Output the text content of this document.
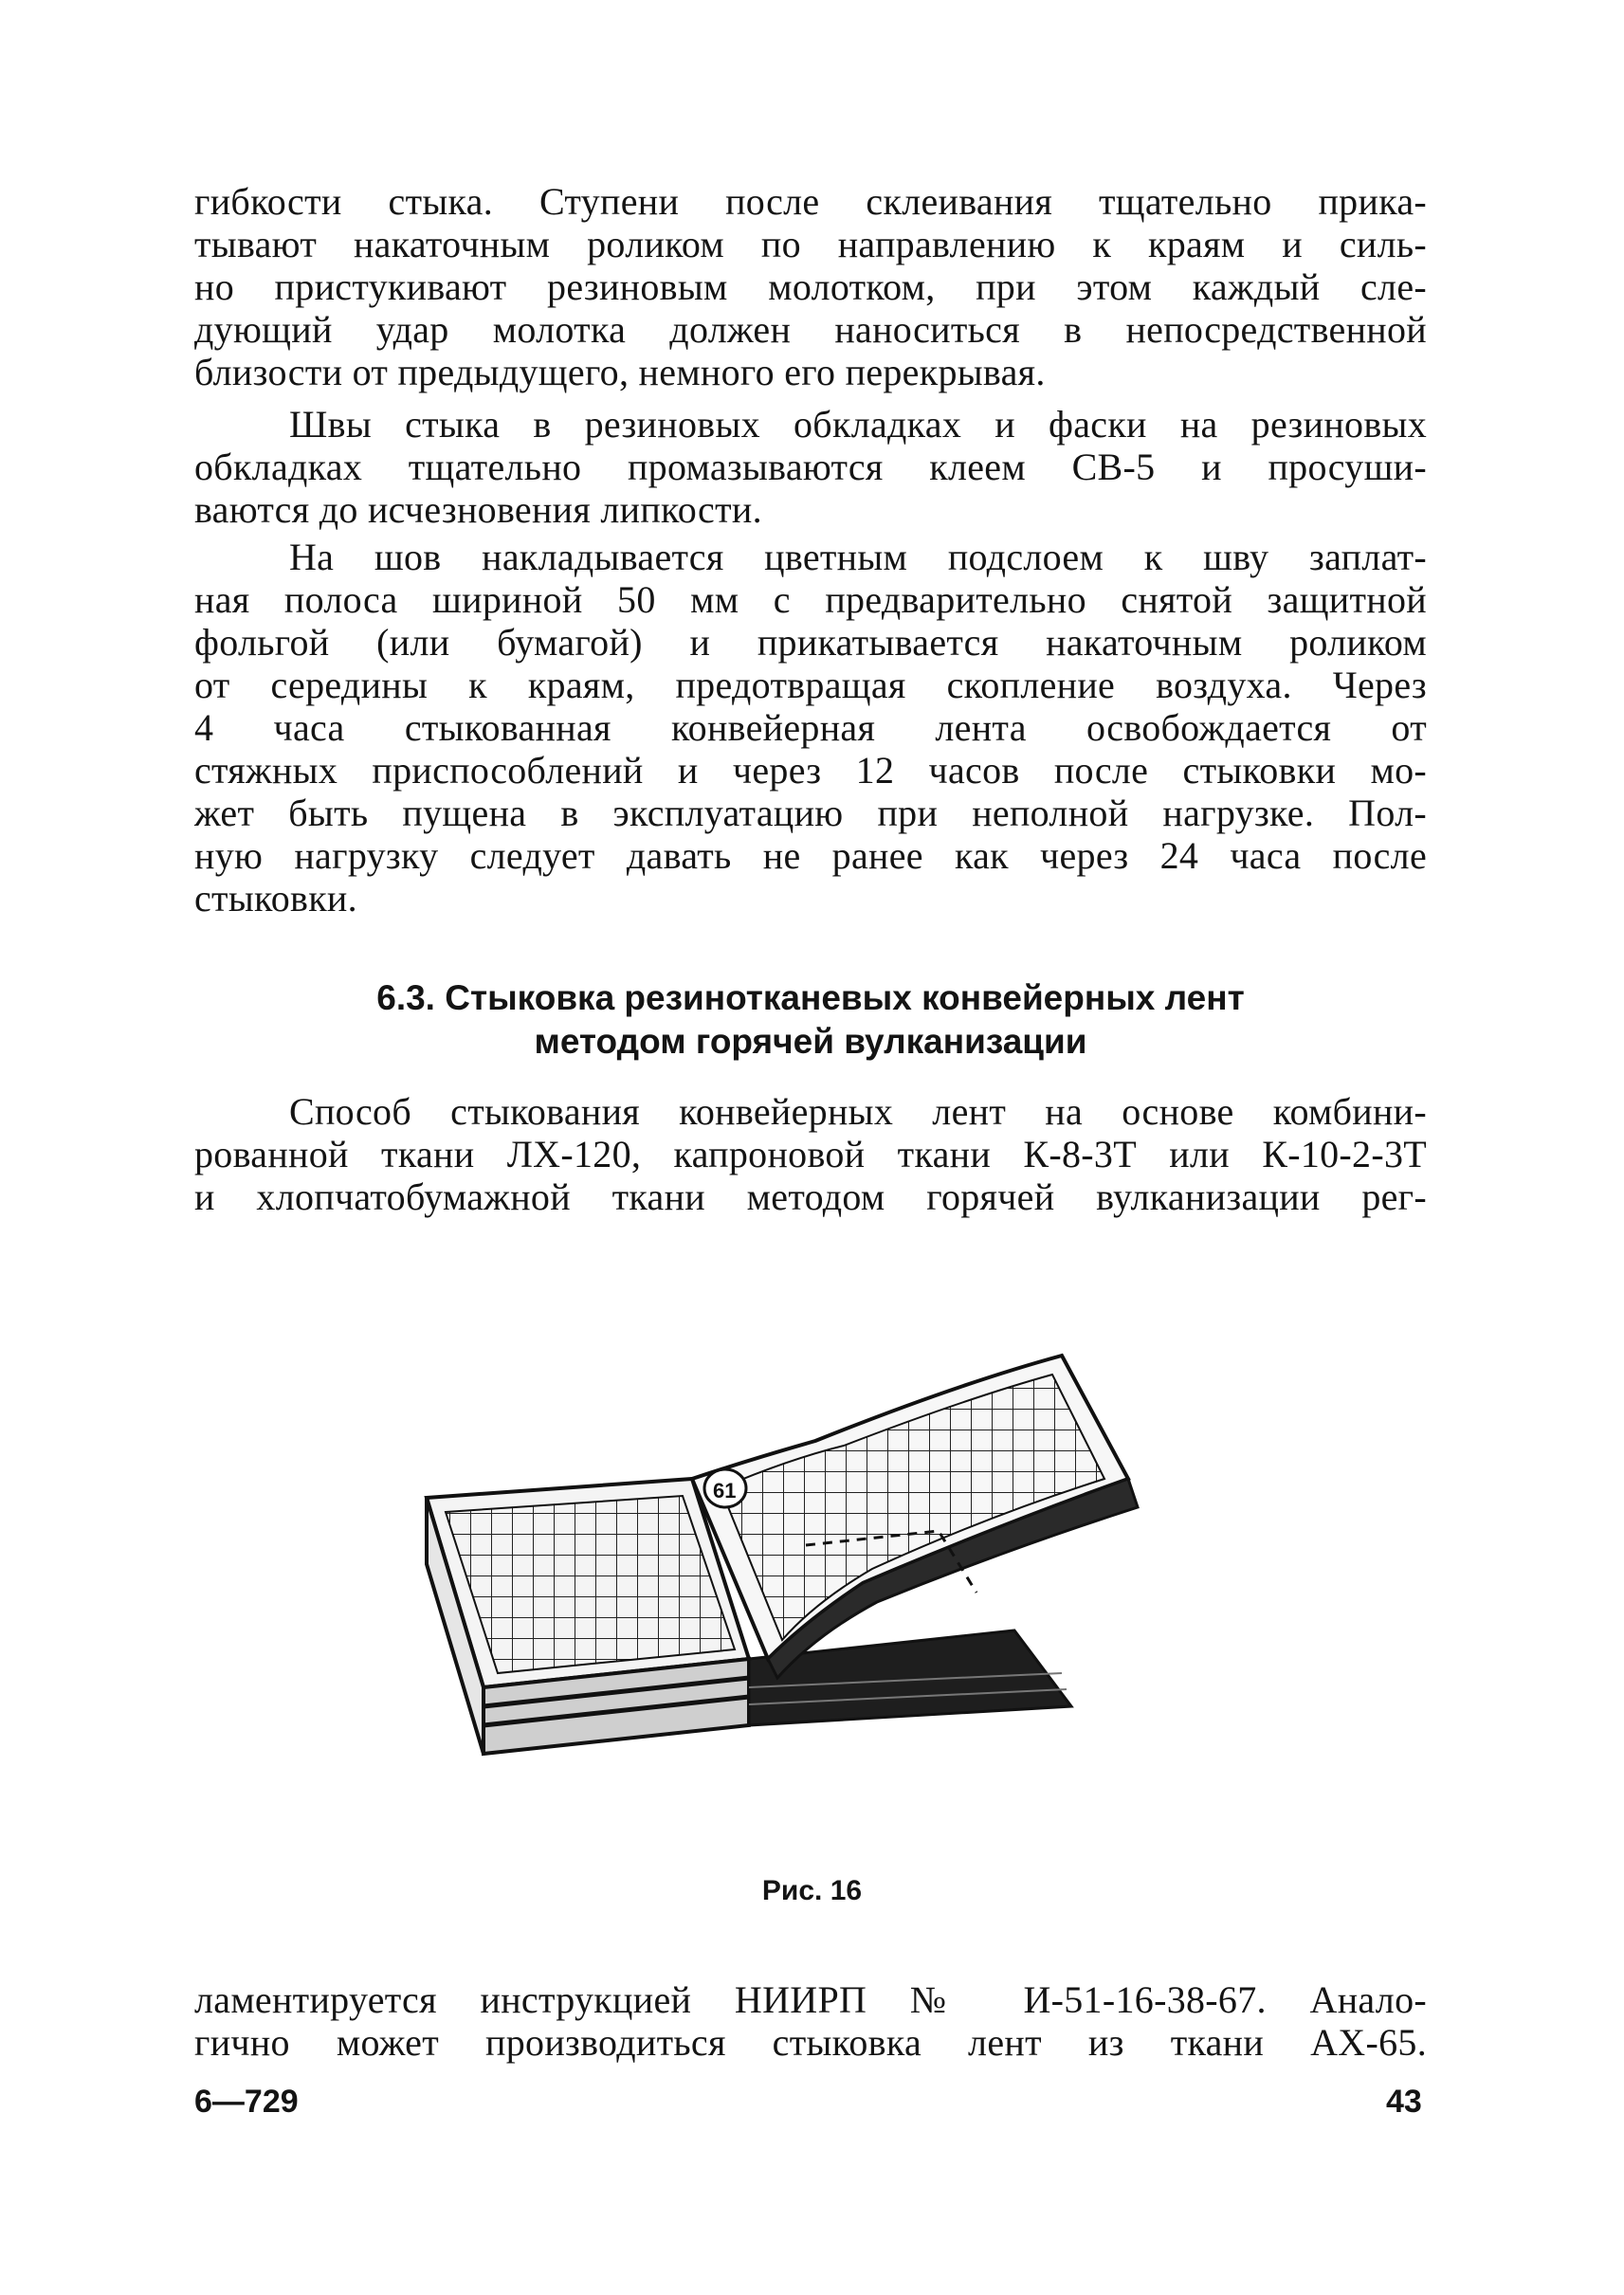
гибкости стыка. Ступени после склеивания тщательно прика-
тывают накаточным роликом по направлению к краям и силь-
но пристукивают резиновым молотком, при этом каждый сле-
дующий удар молотка должен наноситься в непосредственной
близости от предыдущего, немного его перекрывая.

Швы стыка в резиновых обкладках и фаски на резиновых
обкладках тщательно промазываются клеем СВ-5 и просуши-
ваются до исчезновения липкости.

На шов накладывается цветным подслоем к шву заплат-
ная полоса шириной 50 мм с предварительно снятой защитной
фольгой (или бумагой) и прикатывается накаточным роликом
от середины к краям, предотвращая скопление воздуха. Через
4 часа стыкованная конвейерная лента освобождается от
стяжных приспособлений и через 12 часов после стыковки мо-
жет быть пущена в эксплуатацию при неполной нагрузке. Пол-
ную нагрузку следует давать не ранее как через 24 часа после
стыковки.

6.3. Стыковка резинотканевых конвейерных лент
методом горячей вулканизации

Способ стыкования конвейерных лент на основе комбини-
рованной ткани ЛХ-120, капроновой ткани К-8-3Т или К-10-2-3Т
и хлопчатобумажной ткани методом горячей вулканизации рег-

61
Рис. 16

ламентируется инструкцией НИИРП № И-51-16-38-67. Анало-
гично может производиться стыковка лент из ткани АХ-65.

6—729	43
